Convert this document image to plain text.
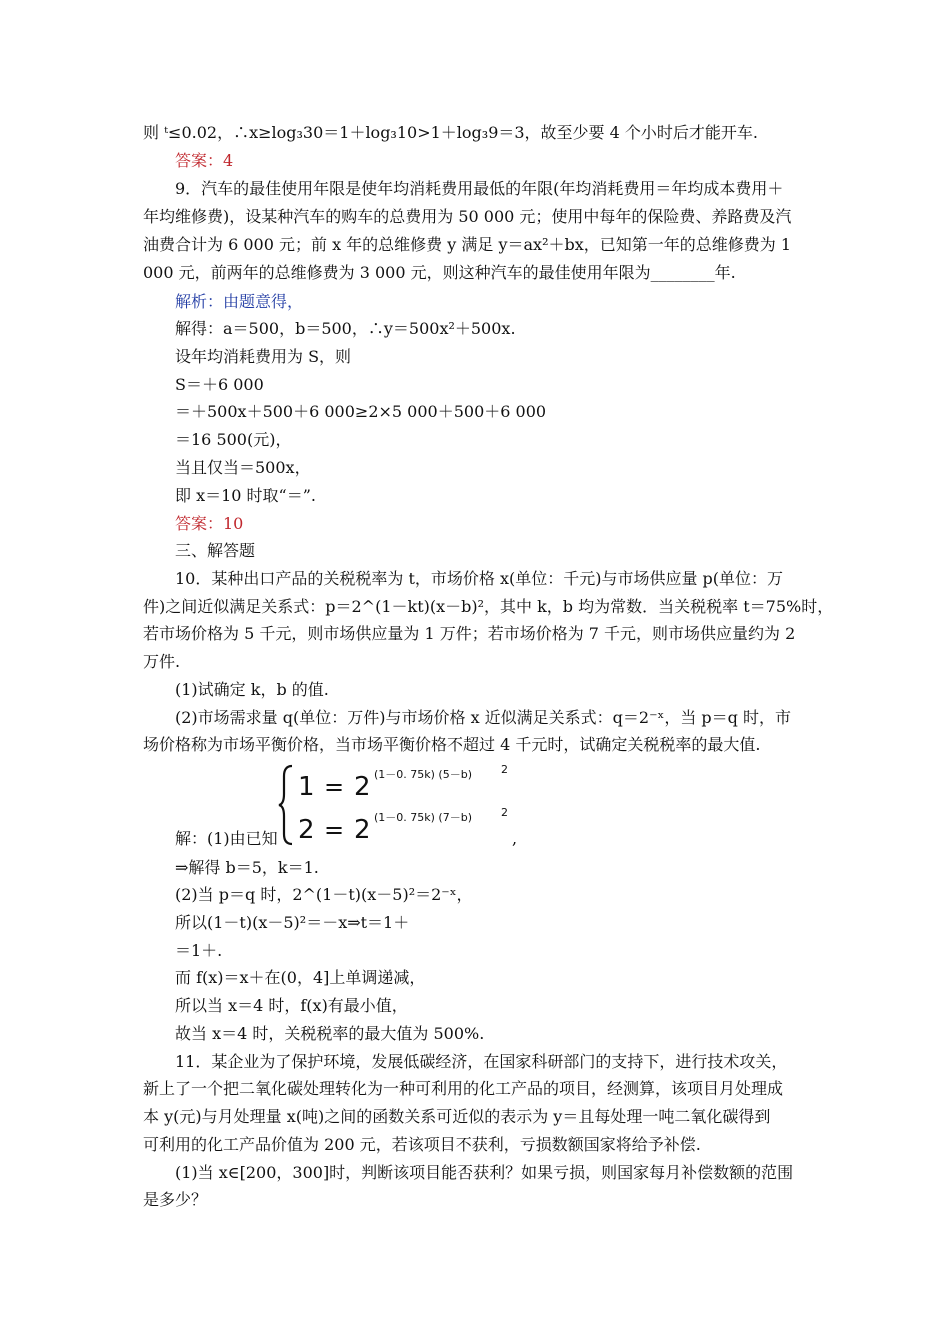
则 ᵗ≤0.02，∴x≥log₃30＝1＋log₃10>1＋log₃9＝3，故至少要 4 个小时后才能开车.
答案：4
9．汽车的最佳使用年限是使年均消耗费用最低的年限(年均消耗费用＝年均成本费用＋
年均维修费)，设某种汽车的购车的总费用为 50 000 元；使用中每年的保险费、养路费及汽
油费合计为 6 000 元；前 x 年的总维修费 y 满足 y＝ax²＋bx，已知第一年的总维修费为 1
000 元，前两年的总维修费为 3 000 元，则这种汽车的最佳使用年限为________年.
解析：由题意得，
解得：a＝500，b＝500，∴y＝500x²＋500x.
设年均消耗费用为 S，则
S＝＋6 000
＝＋500x＋500＋6 000≥2×5 000＋500＋6 000
＝16 500(元)，
当且仅当＝500x，
即 x＝10 时取“＝”.
答案：10
三、解答题
10．某种出口产品的关税税率为 t，市场价格 x(单位：千元)与市场供应量 p(单位：万
件)之间近似满足关系式：p＝2^(1－kt)(x－b)²，其中 k，b 均为常数．当关税税率 t＝75%时，
若市场价格为 5 千元，则市场供应量为 1 万件；若市场价格为 7 千元，则市场供应量约为 2
万件.
(1)试确定 k，b 的值.
(2)市场需求量 q(单位：万件)与市场价格 x 近似满足关系式：q＝2⁻ˣ，当 p＝q 时，市
场价格称为市场平衡价格，当市场平衡价格不超过 4 千元时，试确定关税税率的最大值.
1 = 2 (1－0. 75k) (5－b)	2
2 = 2 (1－0. 75k) (7－b)	2
解：(1)由已知	,
⇒解得 b＝5，k＝1.
(2)当 p＝q 时，2^(1－t)(x－5)²＝2⁻ˣ，
所以(1－t)(x－5)²＝－x⇒t＝1＋
＝1＋.
而 f(x)＝x＋在(0，4]上单调递减，
所以当 x＝4 时，f(x)有最小值，
故当 x＝4 时，关税税率的最大值为 500%.
11．某企业为了保护环境，发展低碳经济，在国家科研部门的支持下，进行技术攻关，
新上了一个把二氧化碳处理转化为一种可利用的化工产品的项目，经测算，该项目月处理成
本 y(元)与月处理量 x(吨)之间的函数关系可近似的表示为 y＝且每处理一吨二氧化碳得到
可利用的化工产品价值为 200 元，若该项目不获利，亏损数额国家将给予补偿.
(1)当 x∈[200，300]时，判断该项目能否获利？如果亏损，则国家每月补偿数额的范围
是多少？
